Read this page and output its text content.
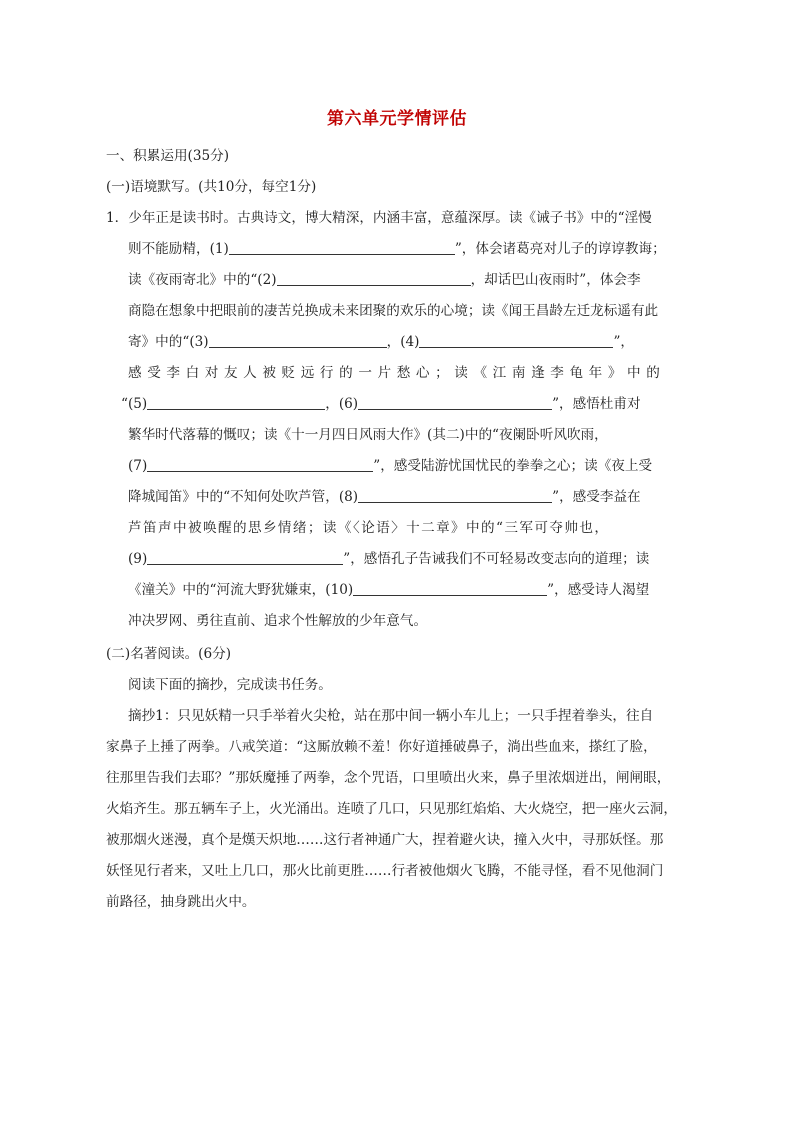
第六单元学情评估
一、积累运用(35分)
(一)语境默写。(共10分，每空1分)
1．少年正是读书时。古典诗文，博大精深，内涵丰富，意蕴深厚。读《诫子书》中的“淫慢
则不能励精，(1)	”，体会诸葛亮对儿子的谆谆教诲；
读《夜雨寄北》中的“(2)	，却话巴山夜雨时”，体会李
商隐在想象中把眼前的凄苦兑换成未来团聚的欢乐的心境；读《闻王昌龄左迁龙标遥有此
寄》中的“(3)	，(4)	”，
感受李白对友人被贬远行的一片愁心；读《江南逢李龟年》中的
“(5)	，(6)	”，感悟杜甫对
繁华时代落幕的慨叹；读《十一月四日风雨大作》(其二)中的“夜阑卧听风吹雨，
(7)	”，感受陆游忧国忧民的拳拳之心；读《夜上受
降城闻笛》中的“不知何处吹芦管，(8)	”，感受李益在
芦笛声中被唤醒的思乡情绪；读《〈论语〉十二章》中的“三军可夺帅也，
(9)	”，感悟孔子告诫我们不可轻易改变志向的道理；读
《潼关》中的“河流大野犹嫌束，(10)	”，感受诗人渴望
冲决罗网、勇往直前、追求个性解放的少年意气。
(二)名著阅读。(6分)
阅读下面的摘抄，完成读书任务。
摘抄1：只见妖精一只手举着火尖枪，站在那中间一辆小车儿上；一只手捏着拳头，往自
家鼻子上捶了两拳。八戒笑道：“这厮放赖不羞！你好道捶破鼻子，淌出些血来，搽红了脸，
往那里告我们去耶？”那妖魔捶了两拳，念个咒语，口里喷出火来，鼻子里浓烟迸出，闸闸眼，
火焰齐生。那五辆车子上，火光涌出。连喷了几口，只见那红焰焰、大火烧空，把一座火云洞，
被那烟火迷漫，真个是熯天炽地……这行者神通广大，捏着避火诀，撞入火中，寻那妖怪。那
妖怪见行者来，又吐上几口，那火比前更胜……行者被他烟火飞腾，不能寻怪，看不见他洞门
前路径，抽身跳出火中。
